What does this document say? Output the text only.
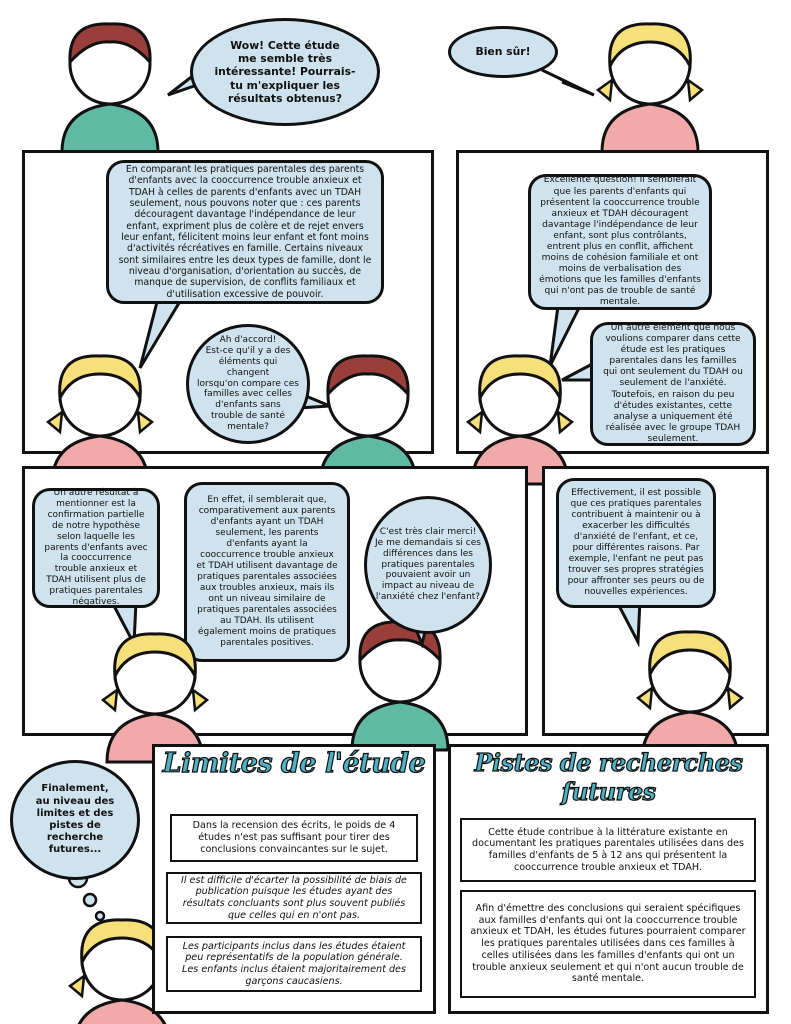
Wow! Cette étude
me semble très
intéressante! Pourrais-
tu m'expliquer les
résultats obtenus?
Bien sûr!
En comparant les pratiques parentales des parents d'enfants avec la cooccurrence trouble anxieux et TDAH à celles de parents d'enfants avec un TDAH seulement, nous pouvons noter que : ces parents découragent davantage l'indépendance de leur enfant, expriment plus de colère et de rejet envers leur enfant, félicitent moins leur enfant et font moins d'activités récréatives en famille. Certains niveaux sont similaires entre les deux types de famille, dont le niveau d'organisation, d'orientation au succès, de manque de supervision, de conflits familiaux et d'utilisation excessive de pouvoir.
Ah d'accord!
Est-ce qu'il y a des
éléments qui changent
lorsqu'on compare ces
familles avec celles
d'enfants sans
trouble de santé
mentale?
Excellente question! Il semblerait que les parents d'enfants qui présentent la cooccurrence trouble anxieux et TDAH découragent davantage l'indépendance de leur enfant, sont plus contrôlants, entrent plus en conflit, affichent moins de cohésion familiale et ont moins de verbalisation des émotions que les familles d'enfants qui n'ont pas de trouble de santé mentale.
Un autre élément que nous voulions comparer dans cette étude est les pratiques parentales dans les familles qui ont seulement du TDAH ou seulement de l'anxiété. Toutefois, en raison du peu d'études existantes, cette analyse a uniquement été réalisée avec le groupe TDAH seulement.
Un autre résultat à mentionner est la confirmation partielle de notre hypothèse selon laquelle les parents d'enfants avec la cooccurrence trouble anxieux et TDAH utilisent plus de pratiques parentales négatives.
En effet, il semblerait que, comparativement aux parents d'enfants ayant un TDAH seulement, les parents d'enfants ayant la cooccurrence trouble anxieux et TDAH utilisent davantage de pratiques parentales associées aux troubles anxieux, mais ils ont un niveau similaire de pratiques parentales associées au TDAH. Ils utilisent également moins de pratiques parentales positives.
C'est très clair merci! Je me demandais si ces différences dans les pratiques parentales pouvaient avoir un impact au niveau de l'anxiété chez l'enfant?
Effectivement, il est possible que ces pratiques parentales contribuent à maintenir ou à exacerber les difficultés d'anxiété de l'enfant, et ce, pour différentes raisons. Par exemple, l'enfant ne peut pas trouver ses propres stratégies pour affronter ses peurs ou de nouvelles expériences.
Finalement,
au niveau des
limites et des
pistes de
recherche
futures...
Limites de l'étude
Dans la recension des écrits, le poids de 4 études n'est pas suffisant pour tirer des conclusions convaincantes sur le sujet.
Il est difficile d'écarter la possibilité de biais de publication puisque les études ayant des résultats concluants sont plus souvent publiés que celles qui en n'ont pas.
Les participants inclus dans les études étaient peu représentatifs de la population générale. Les enfants inclus étaient majoritairement des garçons caucasiens.
Pistes de recherches futures
Cette étude contribue à la littérature existante en documentant les pratiques parentales utilisées dans des familles d'enfants de 5 à 12 ans qui présentent la cooccurrence trouble anxieux et TDAH.
Afin d'émettre des conclusions qui seraient spécifiques aux familles d'enfants qui ont la cooccurrence trouble anxieux et TDAH, les études futures pourraient comparer les pratiques parentales utilisées dans ces familles à celles utilisées dans les familles d'enfants qui ont un trouble anxieux seulement et qui n'ont aucun trouble de santé mentale.
